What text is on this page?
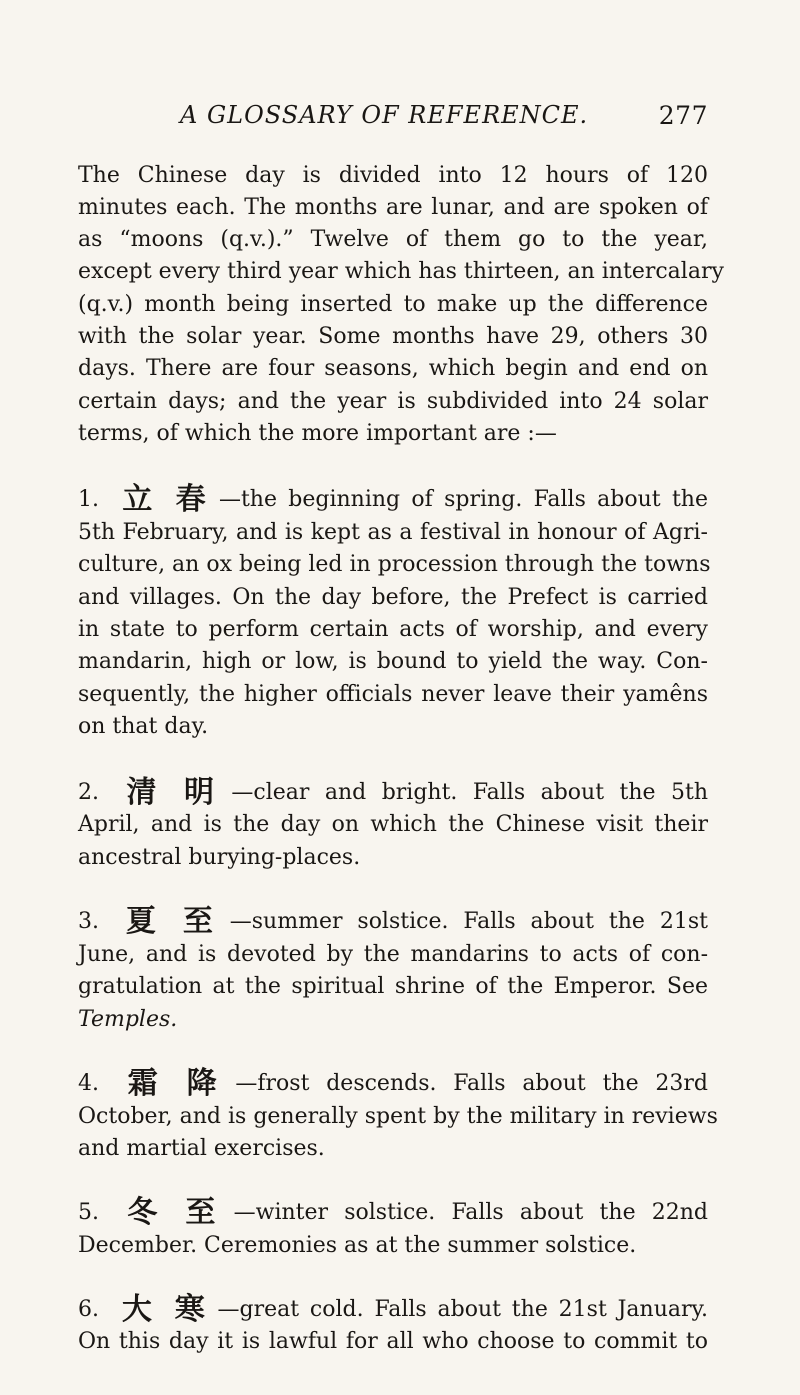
A GLOSSARY OF REFERENCE.	277
The Chinese day is divided into 12 hours of 120
minutes each. The months are lunar, and are spoken of
as “moons (q.v.).” Twelve of them go to the year,
except every third year which has thirteen, an intercalary
(q.v.) month being inserted to make up the difference
with the solar year. Some months have 29, others 30
days. There are four seasons, which begin and end on
certain days; and the year is subdivided into 24 solar
terms, of which the more important are :—
1. 立 春 —the beginning of spring. Falls about the
5th February, and is kept as a festival in honour of Agri-
culture, an ox being led in procession through the towns
and villages. On the day before, the Prefect is carried
in state to perform certain acts of worship, and every
mandarin, high or low, is bound to yield the way. Con-
sequently, the higher officials never leave their yamêns
on that day.
2. 清 明 —clear and bright. Falls about the 5th
April, and is the day on which the Chinese visit their
ancestral burying-places.
3. 夏 至 —summer solstice. Falls about the 21st
June, and is devoted by the mandarins to acts of con-
gratulation at the spiritual shrine of the Emperor. See
Temples.
4. 霜 降 —frost descends. Falls about the 23rd
October, and is generally spent by the military in reviews
and martial exercises.
5. 冬 至 —winter solstice. Falls about the 22nd
December. Ceremonies as at the summer solstice.
6. 大 寒 —great cold. Falls about the 21st January.
On this day it is lawful for all who choose to commit to
